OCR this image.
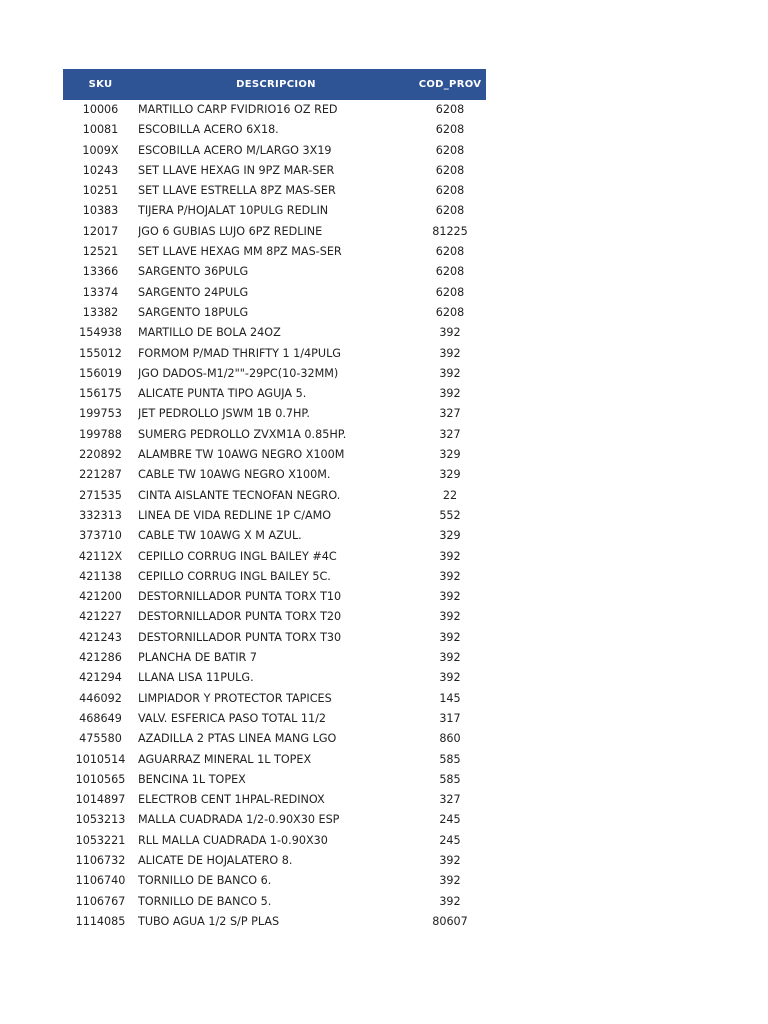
SKU	DESCRIPCION	COD_PROV
10006	MARTILLO CARP FVIDRIO16 OZ RED	6208
10081	ESCOBILLA ACERO 6X18.	6208
1009X	ESCOBILLA ACERO M/LARGO 3X19	6208
10243	SET LLAVE HEXAG IN 9PZ MAR-SER	6208
10251	SET LLAVE ESTRELLA 8PZ MAS-SER	6208
10383	TIJERA P/HOJALAT 10PULG REDLIN	6208
12017	JGO 6 GUBIAS LUJO 6PZ REDLINE	81225
12521	SET LLAVE HEXAG MM 8PZ MAS-SER	6208
13366	SARGENTO 36PULG	6208
13374	SARGENTO 24PULG	6208
13382	SARGENTO 18PULG	6208
154938	MARTILLO DE BOLA 24OZ	392
155012	FORMOM P/MAD THRIFTY 1 1/4PULG	392
156019	JGO DADOS-M1/2""-29PC(10-32MM)	392
156175	ALICATE PUNTA TIPO AGUJA 5.	392
199753	JET PEDROLLO JSWM 1B 0.7HP.	327
199788	SUMERG PEDROLLO ZVXM1A 0.85HP.	327
220892	ALAMBRE TW 10AWG NEGRO X100M	329
221287	CABLE TW 10AWG NEGRO X100M.	329
271535	CINTA AISLANTE TECNOFAN NEGRO.	22
332313	LINEA DE VIDA REDLINE 1P C/AMO	552
373710	CABLE TW 10AWG X M AZUL.	329
42112X	CEPILLO CORRUG INGL BAILEY #4C	392
421138	CEPILLO CORRUG INGL BAILEY 5C.	392
421200	DESTORNILLADOR PUNTA TORX T10	392
421227	DESTORNILLADOR PUNTA TORX T20	392
421243	DESTORNILLADOR PUNTA TORX T30	392
421286	PLANCHA DE BATIR 7	392
421294	LLANA LISA 11PULG.	392
446092	LIMPIADOR Y PROTECTOR TAPICES	145
468649	VALV. ESFERICA PASO TOTAL 11/2	317
475580	AZADILLA 2 PTAS LINEA MANG LGO	860
1010514	AGUARRAZ MINERAL 1L TOPEX	585
1010565	BENCINA 1L TOPEX	585
1014897	ELECTROB CENT 1HPAL-REDINOX	327
1053213	MALLA CUADRADA 1/2-0.90X30 ESP	245
1053221	RLL MALLA CUADRADA 1-0.90X30	245
1106732	ALICATE DE HOJALATERO 8.	392
1106740	TORNILLO DE BANCO 6.	392
1106767	TORNILLO DE BANCO 5.	392
1114085	TUBO AGUA 1/2 S/P PLAS	80607
